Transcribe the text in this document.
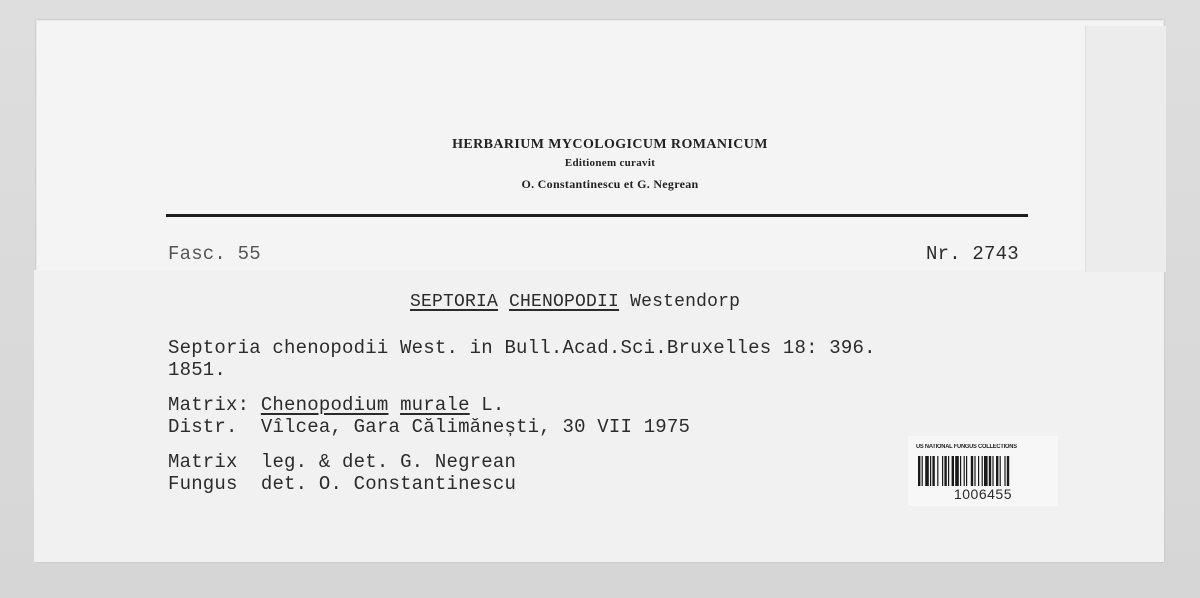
HERBARIUM MYCOLOGICUM ROMANICUM
Editionem curavit
O. Constantinescu et G. Negrean
Fasc. 55	Nr. 2743
SEPTORIA CHENOPODII Westendorp
Septoria chenopodii West. in Bull.Acad.Sci.Bruxelles 18: 396.
1851.
Matrix: Chenopodium murale L.
Distr. Vîlcea, Gara Călimănești, 30 VII 1975
Matrix leg. & det. G. Negrean
Fungus det. O. Constantinescu
US NATIONAL FUNGUS COLLECTIONS
1006455
